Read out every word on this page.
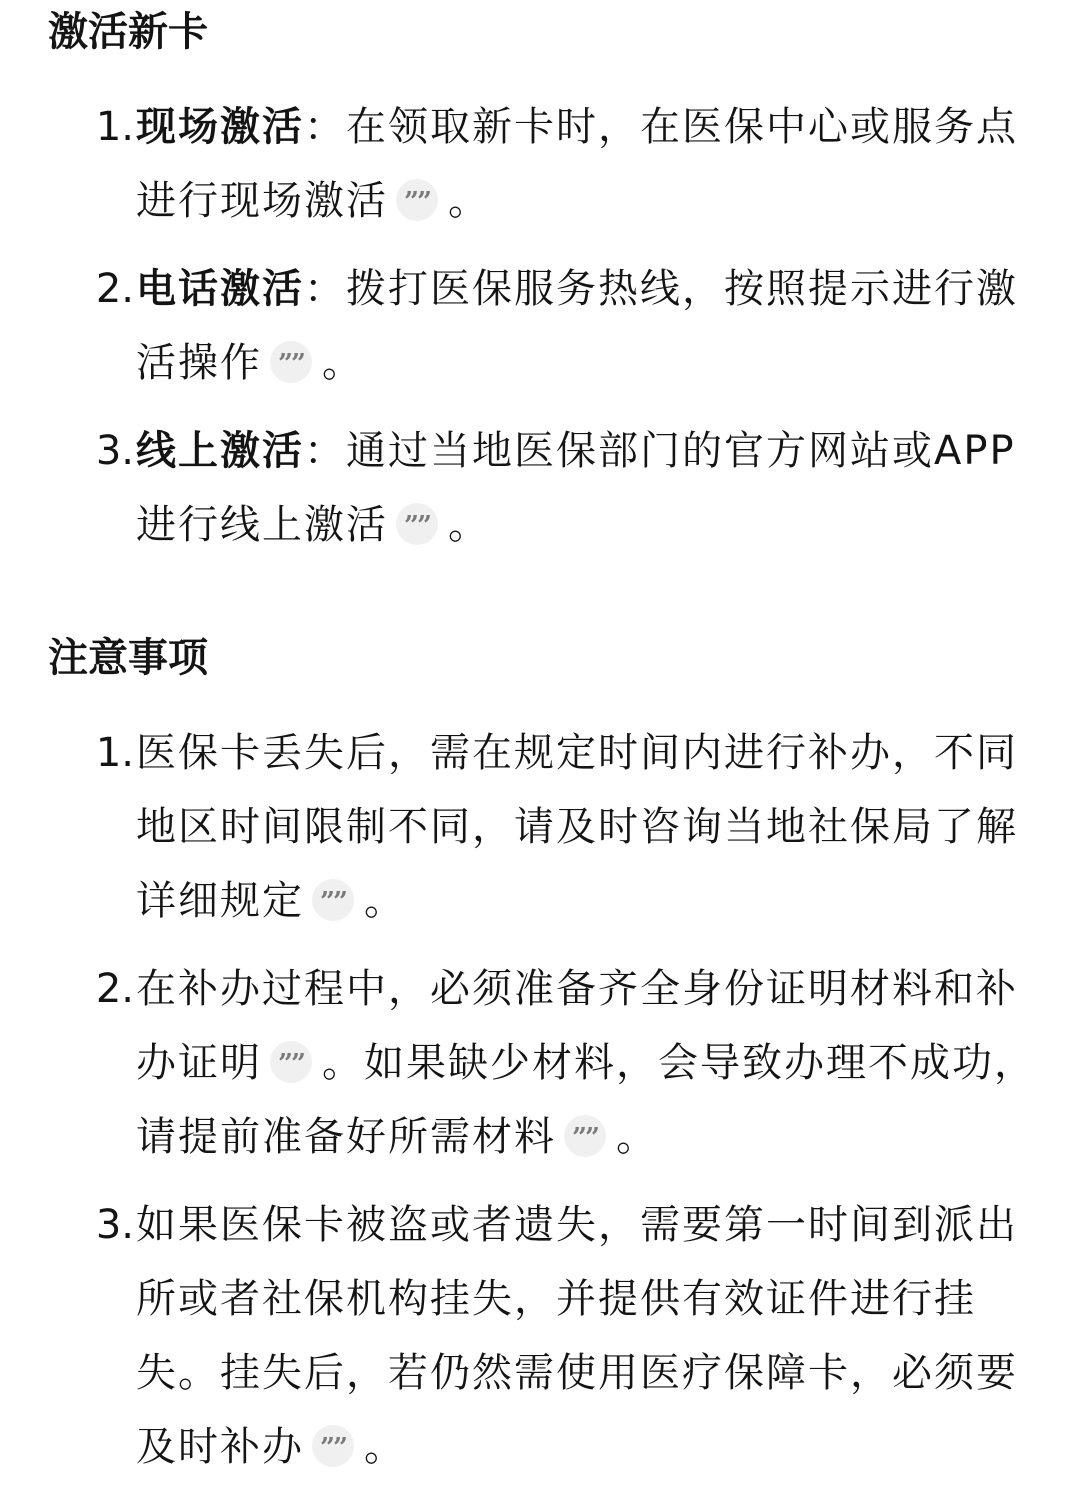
激活新卡
1. 现场激活：在领取新卡时，在医保中心或服务点进行现场激活 ”” 。
2. 电话激活：拨打医保服务热线，按照提示进行激活操作 ”” 。
3. 线上激活：通过当地医保部门的官方网站或APP进行线上激活 ”” 。
注意事项
1. 医保卡丢失后，需在规定时间内进行补办，不同地区时间限制不同，请及时咨询当地社保局了解详细规定 ”” 。
2. 在补办过程中，必须准备齐全身份证明材料和补办证明 ”” 。如果缺少材料，会导致办理不成功，请提前准备好所需材料 ”” 。
3. 如果医保卡被盗或者遗失，需要第一时间到派出所或者社保机构挂失，并提供有效证件进行挂失。挂失后，若仍然需使用医疗保障卡，必须要及时补办 ”” 。
